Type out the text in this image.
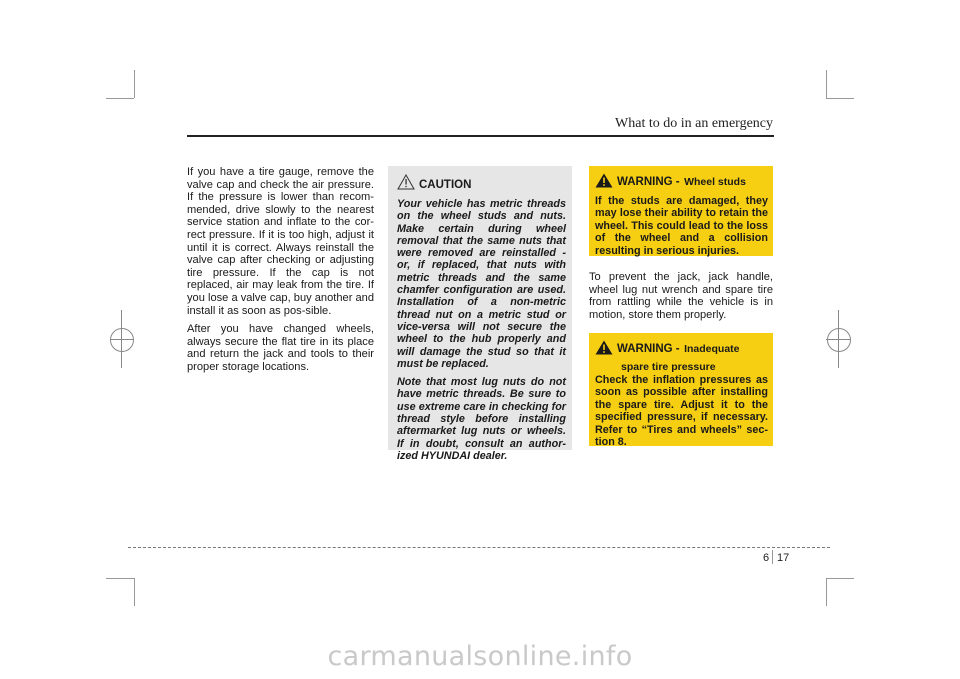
What to do in an emergency

If you have a tire gauge, remove the valve cap and check the air pressure. If the pressure is lower than recom-mended, drive slowly to the nearest service station and inflate to the cor-rect pressure. If it is too high, adjust it until it is correct. Always reinstall the valve cap after checking or adjusting tire pressure. If the cap is not replaced, air may leak from the tire. If you lose a valve cap, buy another and install it as soon as pos-sible.

After you have changed wheels, always secure the flat tire in its place and return the jack and tools to their proper storage locations.

CAUTION

Your vehicle has metric threads on the wheel studs and nuts. Make certain during wheel removal that the same nuts that were removed are reinstalled - or, if replaced, that nuts with metric threads and the same chamfer configuration are used. Installation of a non-metric thread nut on a metric stud or vice-versa will not secure the wheel to the hub properly and will damage the stud so that it must be replaced.

Note that most lug nuts do not have metric threads. Be sure to use extreme care in checking for thread style before installing aftermarket lug nuts or wheels. If in doubt, consult an author-ized HYUNDAI dealer.

WARNING - Wheel studs

If the studs are damaged, they may lose their ability to retain the wheel. This could lead to the loss of the wheel and a collision resulting in serious injuries.

To prevent the jack, jack handle, wheel lug nut wrench and spare tire from rattling while the vehicle is in motion, store them properly.

WARNING - Inadequate
spare tire pressure

Check the inflation pressures as soon as possible after installing the spare tire. Adjust it to the specified pressure, if necessary. Refer to “Tires and wheels” sec-tion 8.

6 17
carmanualsonline.info
